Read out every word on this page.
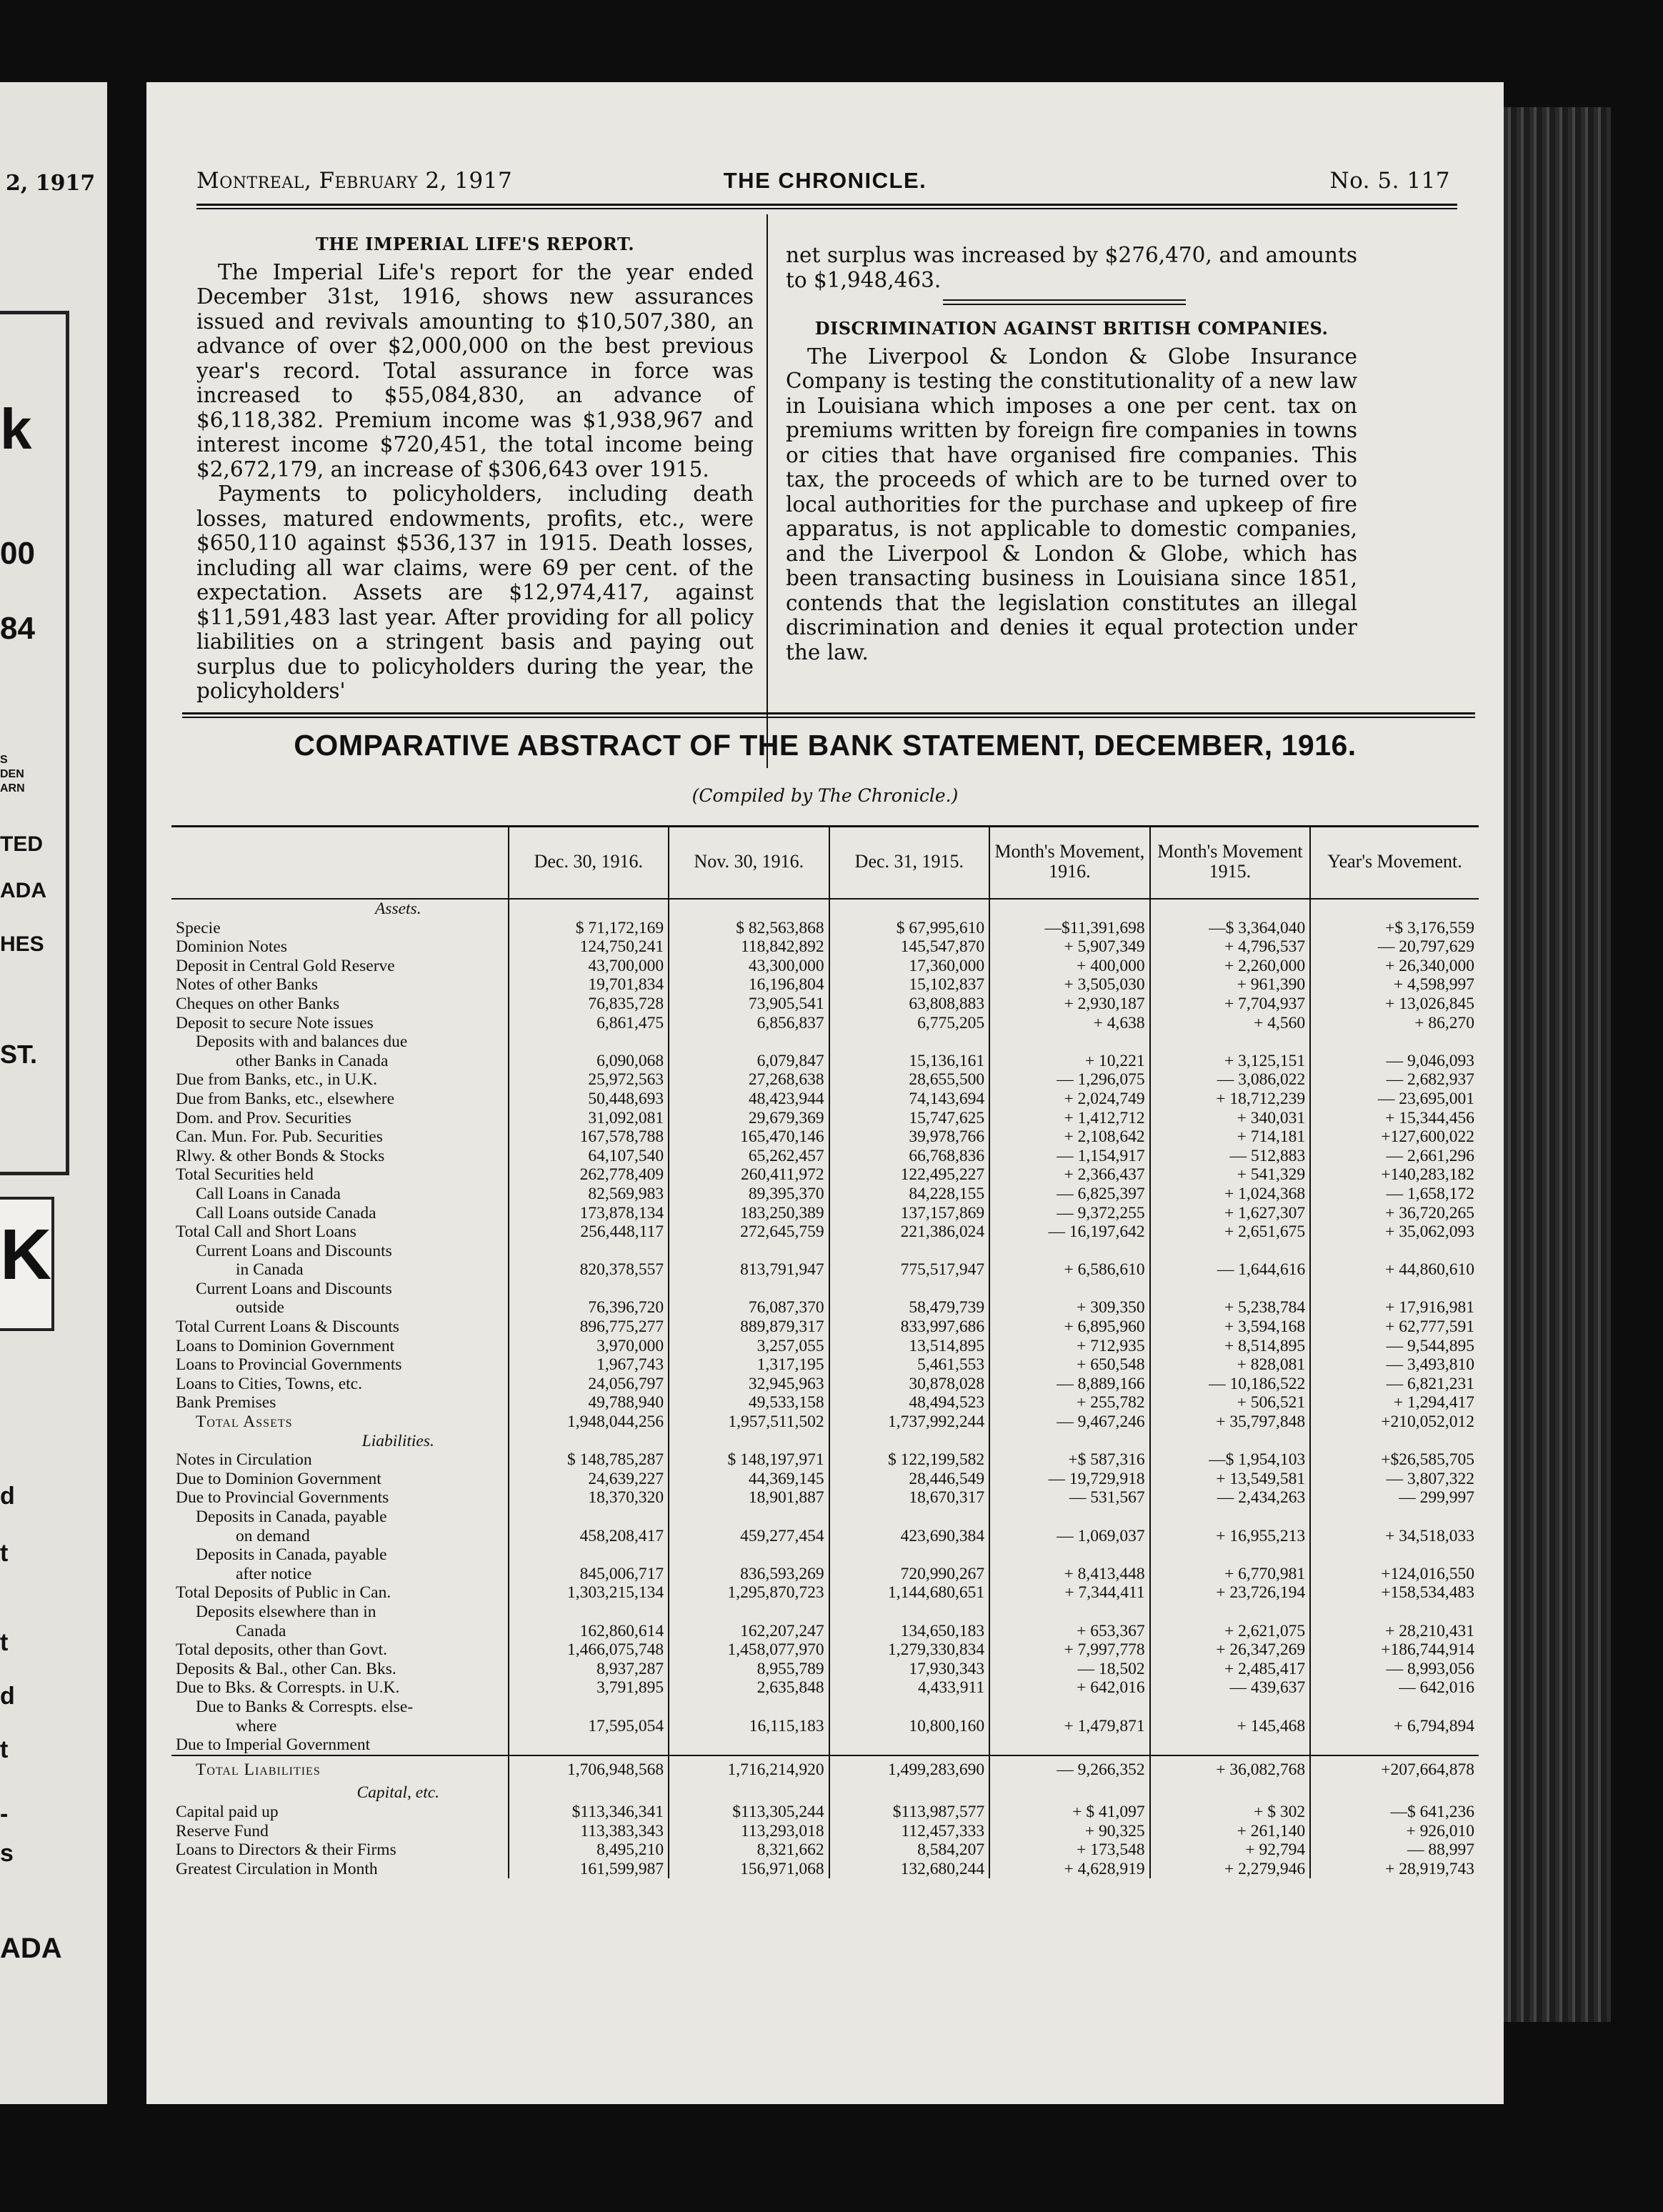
2, 1917
k
00
84
S
DEN
ARN
TED
ADA
HES
ST.
K
d
t
t
d
t
-
s
ADA
Montreal, February 2, 1917	THE CHRONICLE.	No. 5. 117
THE IMPERIAL LIFE'S REPORT.

The Imperial Life's report for the year ended December 31st, 1916, shows new assurances issued and revivals amounting to $10,507,380, an advance of over $2,000,000 on the best previous year's record. Total assurance in force was increased to $55,084,830, an advance of $6,118,382. Premium income was $1,938,967 and interest income $720,451, the total income being $2,672,179, an increase of $306,643 over 1915.

Payments to policyholders, including death losses, matured endowments, profits, etc., were $650,110 against $536,137 in 1915. Death losses, including all war claims, were 69 per cent. of the expectation. Assets are $12,974,417, against $11,591,483 last year. After providing for all policy liabilities on a stringent basis and paying out surplus due to policyholders during the year, the policyholders'

net surplus was increased by $276,470, and amounts to $1,948,463.

DISCRIMINATION AGAINST BRITISH COMPANIES.

The Liverpool & London & Globe Insurance Company is testing the constitutionality of a new law in Louisiana which imposes a one per cent. tax on premiums written by foreign fire companies in towns or cities that have organised fire companies. This tax, the proceeds of which are to be turned over to local authorities for the purchase and upkeep of fire apparatus, is not applicable to domestic companies, and the Liverpool & London & Globe, which has been transacting business in Louisiana since 1851, contends that the legislation constitutes an illegal discrimination and denies it equal protection under the law.

COMPARATIVE ABSTRACT OF THE BANK STATEMENT, DECEMBER, 1916.
(Compiled by The Chronicle.)
	Dec. 30, 1916.	Nov. 30, 1916.	Dec. 31, 1915.	Month's Movement, 1916.	Month's Movement 1915.	Year's Movement.
Assets.						
Specie	$ 71,172,169	$ 82,563,868	$ 67,995,610	—$11,391,698	—$ 3,364,040	+$ 3,176,559
Dominion Notes	124,750,241	118,842,892	145,547,870	+ 5,907,349	+ 4,796,537	— 20,797,629
Deposit in Central Gold Reserve	43,700,000	43,300,000	17,360,000	+ 400,000	+ 2,260,000	+ 26,340,000
Notes of other Banks	19,701,834	16,196,804	15,102,837	+ 3,505,030	+ 961,390	+ 4,598,997
Cheques on other Banks	76,835,728	73,905,541	63,808,883	+ 2,930,187	+ 7,704,937	+ 13,026,845
Deposit to secure Note issues	6,861,475	6,856,837	6,775,205	+ 4,638	+ 4,560	+ 86,270
Deposits with and balances due						
other Banks in Canada	6,090,068	6,079,847	15,136,161	+ 10,221	+ 3,125,151	— 9,046,093
Due from Banks, etc., in U.K.	25,972,563	27,268,638	28,655,500	— 1,296,075	— 3,086,022	— 2,682,937
Due from Banks, etc., elsewhere	50,448,693	48,423,944	74,143,694	+ 2,024,749	+ 18,712,239	— 23,695,001
Dom. and Prov. Securities	31,092,081	29,679,369	15,747,625	+ 1,412,712	+ 340,031	+ 15,344,456
Can. Mun. For. Pub. Securities	167,578,788	165,470,146	39,978,766	+ 2,108,642	+ 714,181	+127,600,022
Rlwy. & other Bonds & Stocks	64,107,540	65,262,457	66,768,836	— 1,154,917	— 512,883	— 2,661,296
Total Securities held	262,778,409	260,411,972	122,495,227	+ 2,366,437	+ 541,329	+140,283,182
Call Loans in Canada	82,569,983	89,395,370	84,228,155	— 6,825,397	+ 1,024,368	— 1,658,172
Call Loans outside Canada	173,878,134	183,250,389	137,157,869	— 9,372,255	+ 1,627,307	+ 36,720,265
Total Call and Short Loans	256,448,117	272,645,759	221,386,024	— 16,197,642	+ 2,651,675	+ 35,062,093
Current Loans and Discounts						
in Canada	820,378,557	813,791,947	775,517,947	+ 6,586,610	— 1,644,616	+ 44,860,610
Current Loans and Discounts						
outside	76,396,720	76,087,370	58,479,739	+ 309,350	+ 5,238,784	+ 17,916,981
Total Current Loans & Discounts	896,775,277	889,879,317	833,997,686	+ 6,895,960	+ 3,594,168	+ 62,777,591
Loans to Dominion Government	3,970,000	3,257,055	13,514,895	+ 712,935	+ 8,514,895	— 9,544,895
Loans to Provincial Governments	1,967,743	1,317,195	5,461,553	+ 650,548	+ 828,081	— 3,493,810
Loans to Cities, Towns, etc.	24,056,797	32,945,963	30,878,028	— 8,889,166	— 10,186,522	— 6,821,231
Bank Premises	49,788,940	49,533,158	48,494,523	+ 255,782	+ 506,521	+ 1,294,417
Total Assets	1,948,044,256	1,957,511,502	1,737,992,244	— 9,467,246	+ 35,797,848	+210,052,012
Liabilities.						
Notes in Circulation	$ 148,785,287	$ 148,197,971	$ 122,199,582	+$ 587,316	—$ 1,954,103	+$26,585,705
Due to Dominion Government	24,639,227	44,369,145	28,446,549	— 19,729,918	+ 13,549,581	— 3,807,322
Due to Provincial Governments	18,370,320	18,901,887	18,670,317	— 531,567	— 2,434,263	— 299,997
Deposits in Canada, payable						
on demand	458,208,417	459,277,454	423,690,384	— 1,069,037	+ 16,955,213	+ 34,518,033
Deposits in Canada, payable						
after notice	845,006,717	836,593,269	720,990,267	+ 8,413,448	+ 6,770,981	+124,016,550
Total Deposits of Public in Can.	1,303,215,134	1,295,870,723	1,144,680,651	+ 7,344,411	+ 23,726,194	+158,534,483
Deposits elsewhere than in						
Canada	162,860,614	162,207,247	134,650,183	+ 653,367	+ 2,621,075	+ 28,210,431
Total deposits, other than Govt.	1,466,075,748	1,458,077,970	1,279,330,834	+ 7,997,778	+ 26,347,269	+186,744,914
Deposits & Bal., other Can. Bks.	8,937,287	8,955,789	17,930,343	— 18,502	+ 2,485,417	— 8,993,056
Due to Bks. & Correspts. in U.K.	3,791,895	2,635,848	4,433,911	+ 642,016	— 439,637	— 642,016
Due to Banks & Correspts. else-						
where	17,595,054	16,115,183	10,800,160	+ 1,479,871	+ 145,468	+ 6,794,894
Due to Imperial Government						
Total Liabilities	1,706,948,568	1,716,214,920	1,499,283,690	— 9,266,352	+ 36,082,768	+207,664,878
Capital, etc.						
Capital paid up	$113,346,341	$113,305,244	$113,987,577	+ $ 41,097	+ $ 302	—$ 641,236
Reserve Fund	113,383,343	113,293,018	112,457,333	+ 90,325	+ 261,140	+ 926,010
Loans to Directors & their Firms	8,495,210	8,321,662	8,584,207	+ 173,548	+ 92,794	— 88,997
Greatest Circulation in Month	161,599,987	156,971,068	132,680,244	+ 4,628,919	+ 2,279,946	+ 28,919,743
